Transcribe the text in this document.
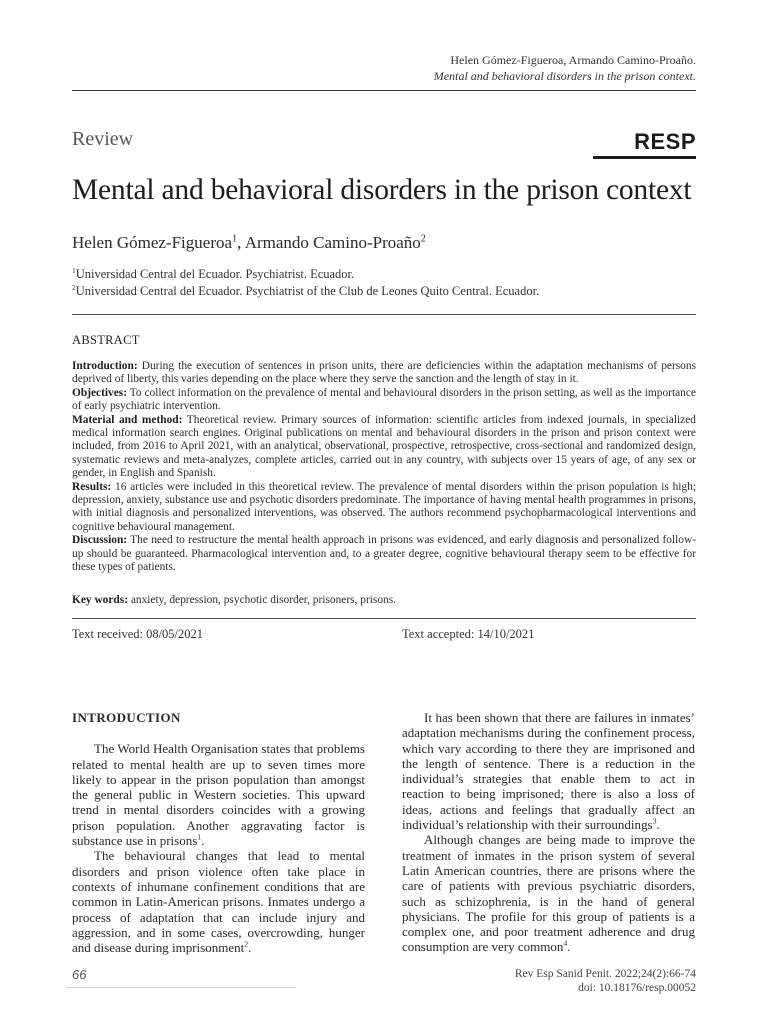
Helen Gómez-Figueroa, Armando Camino-Proaño.
Mental and behavioral disorders in the prison context.
Review	RESP
Mental and behavioral disorders in the prison context
Helen Gómez-Figueroa$^1$, Armando Camino-Proaño$^2$
$^1$Universidad Central del Ecuador. Psychiatrist. Ecuador.
$^2$Universidad Central del Ecuador. Psychiatrist of the Club de Leones Quito Central. Ecuador.
ABSTRACT

Introduction: During the execution of sentences in prison units, there are deficiencies within the adaptation mechanisms of persons deprived of liberty, this varies depending on the place where they serve the sanction and the length of stay in it.

Objectives: To collect information on the prevalence of mental and behavioural disorders in the prison setting, as well as the importance of early psychiatric intervention.

Material and method: Theoretical review. Primary sources of information: scientific articles from indexed journals, in specialized medical information search engines. Original publications on mental and behavioural disorders in the prison and prison context were included, from 2016 to April 2021, with an analytical, observational, prospective, retrospective, cross-sectional and randomized design, systematic reviews and meta-analyzes, complete articles, carried out in any country, with subjects over 15 years of age, of any sex or gender, in English and Spanish.

Results: 16 articles were included in this theoretical review. The prevalence of mental disorders within the prison population is high; depression, anxiety, substance use and psychotic disorders predominate. The importance of having mental health programmes in prisons, with initial diagnosis and personalized interventions, was observed. The authors recommend psychopharmacological interventions and cognitive behavioural management.

Discussion: The need to restructure the mental health approach in prisons was evidenced, and early diagnosis and personalized follow-up should be guaranteed. Pharmacological intervention and, to a greater degree, cognitive behavioural therapy seem to be effective for these types of patients.

Key words: anxiety, depression, psychotic disorder, prisoners, prisons.
Text received: 08/05/2021	Text accepted: 14/10/2021
INTRODUCTION

The World Health Organisation states that problems related to mental health are up to seven times more likely to appear in the prison population than amongst the general public in Western societies. This upward trend in mental disorders coincides with a growing prison population. Another aggravating factor is substance use in prisons$^1$.

The behavioural changes that lead to mental disorders and prison violence often take place in contexts of inhumane confinement conditions that are common in Latin-American prisons. Inmates undergo a process of adaptation that can include injury and aggression, and in some cases, overcrowding, hunger and disease during imprisonment$^2$.

It has been shown that there are failures in inmates’ adaptation mechanisms during the confinement process, which vary according to there they are imprisoned and the length of sentence. There is a reduction in the individual’s strategies that enable them to act in reaction to being imprisoned; there is also a loss of ideas, actions and feelings that gradually affect an individual’s relationship with their surroundings$^3$.

Although changes are being made to improve the treatment of inmates in the prison system of several Latin American countries, there are prisons where the care of patients with previous psychiatric disorders, such as schizophrenia, is in the hand of general physicians. The profile for this group of patients is a complex one, and poor treatment adherence and drug consumption are very common$^4$.

66	Rev Esp Sanid Penit. 2022;24(2):66-74
doi: 10.18176/resp.00052
